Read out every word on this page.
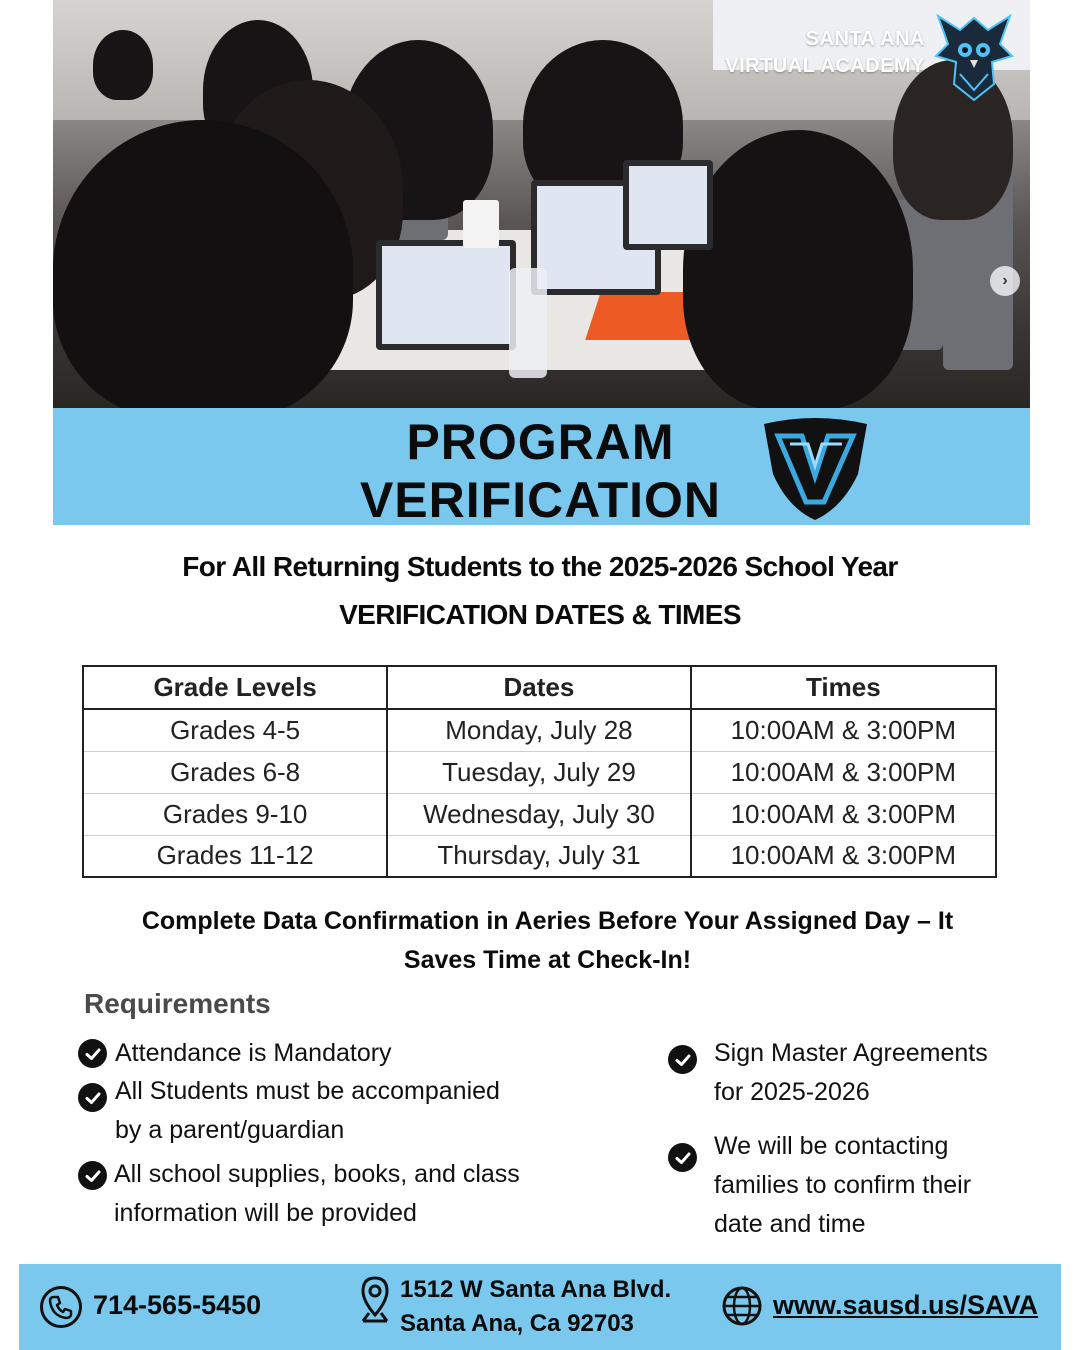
SANTA ANA
VIRTUAL ACADEMY
›
PROGRAM
VERIFICATION
For All Returning Students to the 2025-2026 School Year
VERIFICATION DATES & TIMES
Grade Levels	Dates	Times
Grades 4-5	Monday, July 28	10:00AM & 3:00PM
Grades 6-8	Tuesday, July 29	10:00AM & 3:00PM
Grades 9-10	Wednesday, July 30	10:00AM & 3:00PM
Grades 11-12	Thursday, July 31	10:00AM & 3:00PM
Complete Data Confirmation in Aeries Before Your Assigned Day – It
Saves Time at Check-In!
Requirements
Attendance is Mandatory
All Students must be accompanied
by a parent/guardian
All school supplies, books, and class
information will be provided
Sign Master Agreements
for 2025-2026
We will be contacting
families to confirm their
date and time
714-565-5450
1512 W Santa Ana Blvd.
Santa Ana, Ca 92703
www.sausd.us/SAVA
